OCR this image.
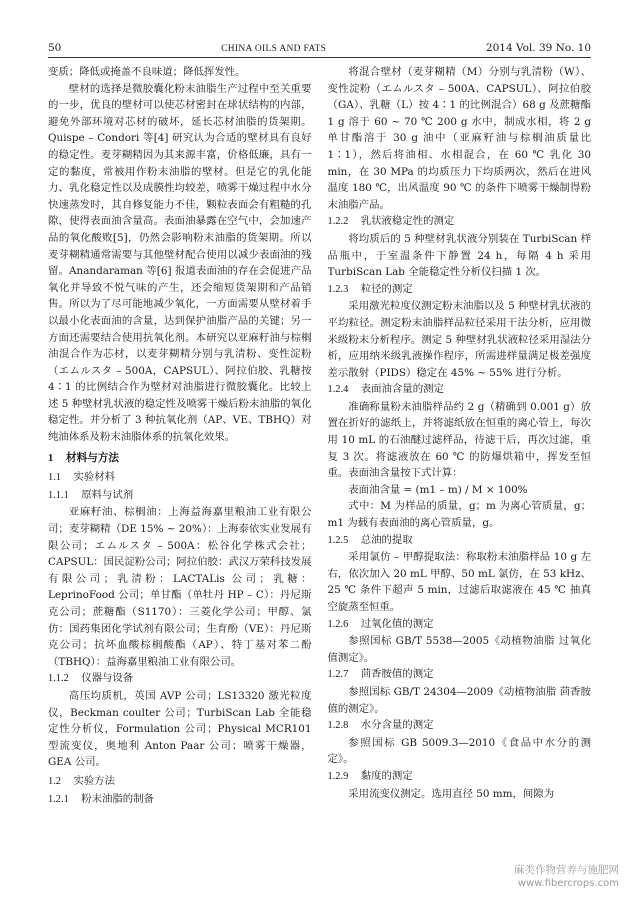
50	CHINA OILS AND FATS	2014 Vol. 39 No. 10

变质；降低或掩盖不良味道；降低挥发性。

壁材的选择是微胶囊化粉末油脂生产过程中至关重要的一步，优良的壁材可以使芯材密封在球状结构的内部，避免外部环境对芯材的破坏，延长芯材油脂的货架期。Quispe – Condori 等[4] 研究认为合适的壁材具有良好的稳定性。麦芽糊精因为其来源丰富，价格低廉，具有一定的黏度，常被用作粉末油脂的壁材。但是它的乳化能力、乳化稳定性以及成膜性均较差，喷雾干燥过程中水分快速蒸发时，其自修复能力不佳，颗粒表面会有粗糙的孔隙，使得表面油含量高。表面油暴露在空气中，会加速产品的氧化酸败[5]，仍然会影响粉末油脂的货架期。所以麦芽糊精通常需要与其他壁材配合使用以减少表面油的残留。Anandaraman 等[6] 报道表面油的存在会促进产品氧化并导致不悦气味的产生，还会缩短货架期和产品销售。所以为了尽可能地减少氧化，一方面需要从壁材着手以最小化表面油的含量，达到保护油脂产品的关键；另一方面还需要结合使用抗氧化剂。本研究以亚麻籽油与棕榈油混合作为芯材，以麦芽糊精分别与乳清粉、变性淀粉（エムルスタ – 500A，CAPSUL）、阿拉伯胶、乳糖按 4∶1 的比例结合作为壁材对油脂进行微胶囊化。比较上述 5 种壁材乳状液的稳定性及喷雾干燥后粉末油脂的氧化稳定性。并分析了 3 种抗氧化剂（AP、VE、TBHQ）对纯油体系及粉末油脂体系的抗氧化效果。

1 材料与方法
1.1 实验材料
1.1.1 原料与试剂

亚麻籽油、棕榈油：上海益海嘉里粮油工业有限公司；麦芽糊精（DE 15% ~ 20%）：上海泰依实业发展有限公司；エムルスタ – 500A：松谷化学株式会社；CAPSUL：国民淀粉公司；阿拉伯胶：武汉万荣科技发展有限公司；乳清粉：LACTALis 公司；乳糖：LeprinoFood 公司；单甘酯（单牡丹 HP – C）：丹尼斯克公司；蔗糖酯（S1170）：三菱化学公司；甲醇、氯仿：国药集团化学试剂有限公司；生育酚（VE）：丹尼斯克公司；抗坏血酸棕榈酸酯（AP）、特丁基对苯二酚（TBHQ）：益海嘉里粮油工业有限公司。

1.1.2 仪器与设备

高压均质机，英国 AVP 公司；LS13320 激光粒度仪，Beckman coulter 公司；TurbiScan Lab 全能稳定性分析仪，Formulation 公司；Physical MCR101 型流变仪，奥地利 Anton Paar 公司；喷雾干燥器，GEA 公司。

1.2 实验方法
1.2.1 粉末油脂的制备

将混合壁材（麦芽糊精（M）分别与乳清粉（W）、变性淀粉（エムルスタ – 500A、CAPSUL）、阿拉伯胶（GA）、乳糖（L）按 4∶1 的比例混合）68 g 及蔗糖酯 1 g 溶于 60 ~ 70 ℃ 200 g 水中，制成水相，将 2 g 单甘酯溶于 30 g 油中（亚麻籽油与棕榈油质量比 1∶1），然后将油相、水相混合，在 60 ℃ 乳化 30 min，在 30 MPa 的均质压力下均质两次，然后在进风温度 180 ℃，出风温度 90 ℃ 的条件下喷雾干燥制得粉末油脂产品。

1.2.2 乳状液稳定性的测定

将均质后的 5 种壁材乳状液分别装在 TurbiScan 样品瓶中，于室温条件下静置 24 h，每隔 4 h 采用 TurbiScan Lab 全能稳定性分析仪扫描 1 次。

1.2.3 粒径的测定

采用激光粒度仪测定粉末油脂以及 5 种壁材乳状液的平均粒径。测定粉末油脂样品粒径采用干法分析，应用微米级粉末分析程序。测定 5 种壁材乳状液粒径采用湿法分析，应用纳米级乳液操作程序，所需进样量满足极差强度差示散射（PIDS）稳定在 45% ~ 55% 进行分析。

1.2.4 表面油含量的测定

准确称量粉末油脂样品约 2 g（精确到 0.001 g）放置在折好的滤纸上，并将滤纸放在恒重的离心管上，每次用 10 mL 的石油醚过滤样品，待滤干后，再次过滤，重复 3 次。将滤液放在 60 ℃ 的防爆烘箱中，挥发至恒重。表面油含量按下式计算：

表面油含量 = (m1 – m) / M × 100%

式中：M 为样品的质量，g；m 为离心管质量，g；m1 为载有表面油的离心管质量，g。

1.2.5 总油的提取

采用氯仿 – 甲醇提取法：称取粉末油脂样品 10 g 左右，依次加入 20 mL 甲醇、50 mL 氯仿，在 53 kHz、25 ℃ 条件下超声 5 min，过滤后取滤液在 45 ℃ 抽真空旋蒸至恒重。

1.2.6 过氧化值的测定

参照国标 GB/T 5538—2005《动植物油脂 过氧化值测定》。

1.2.7 茴香胺值的测定

参照国标 GB/T 24304—2009《动植物油脂 茴香胺值的测定》。

1.2.8 水分含量的测定

参照国标 GB 5009.3—2010《食品中水分的测定》。

1.2.9 黏度的测定

采用流变仪测定。选用直径 50 mm，间隙为

麻类作物营养与施肥网
www.fibercrops.com
